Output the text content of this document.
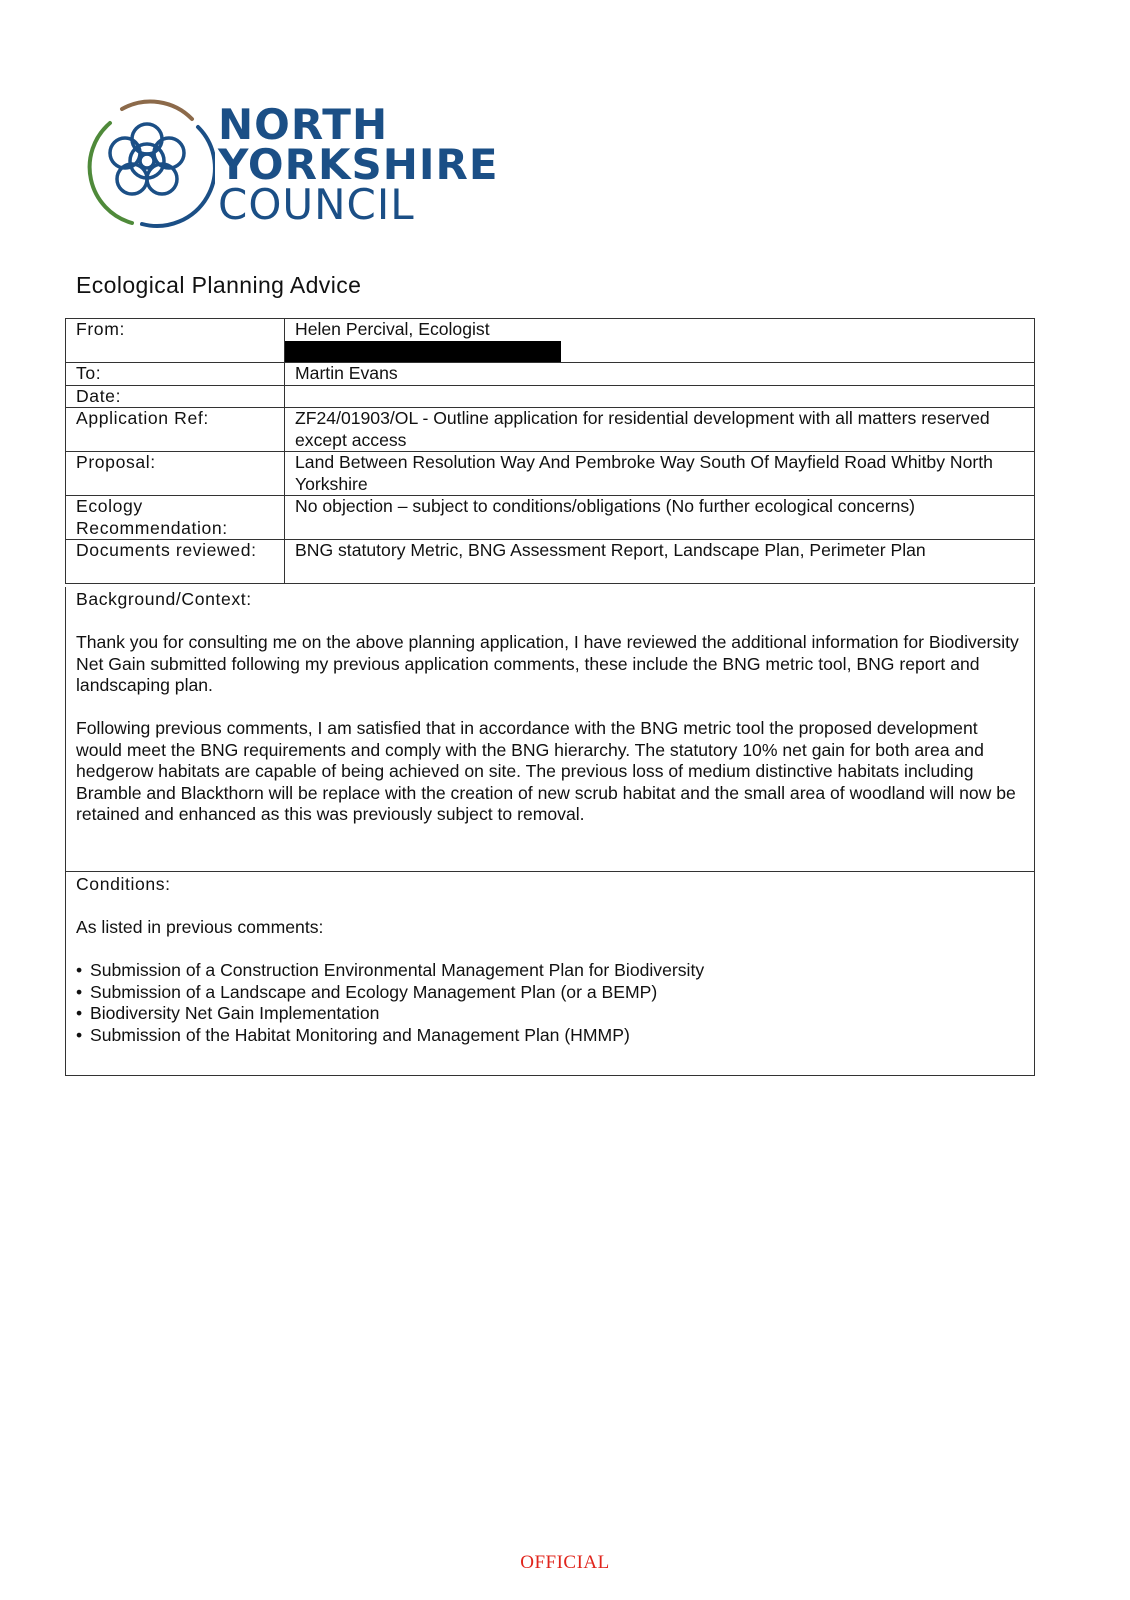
NORTH
YORKSHIRE
COUNCIL
Ecological Planning Advice
From:	Helen Percival, Ecologist

To:	Martin Evans
Date:	
Application Ref:	ZF24/01903/OL - Outline application for residential development with all matters reserved except access
Proposal:	Land Between Resolution Way And Pembroke Way South Of Mayfield Road Whitby North Yorkshire
Ecology
Recommendation:	No objection – subject to conditions/obligations (No further ecological concerns)
Documents reviewed:	BNG statutory Metric, BNG Assessment Report, Landscape Plan, Perimeter Plan
Background/Context:

Thank you for consulting me on the above planning application, I have reviewed the additional information for Biodiversity Net Gain submitted following my previous application comments, these include the BNG metric tool, BNG report and landscaping plan.

Following previous comments, I am satisfied that in accordance with the BNG metric tool the proposed development would meet the BNG requirements and comply with the BNG hierarchy. The statutory 10% net gain for both area and hedgerow habitats are capable of being achieved on site. The previous loss of medium distinctive habitats including Bramble and Blackthorn will be replace with the creation of new scrub habitat and the small area of woodland will now be retained and enhanced as this was previously subject to removal.

Conditions:

As listed in previous comments:

• Submission of a Construction Environmental Management Plan for Biodiversity
• Submission of a Landscape and Ecology Management Plan (or a BEMP)
• Biodiversity Net Gain Implementation
• Submission of the Habitat Monitoring and Management Plan (HMMP)
OFFICIAL
